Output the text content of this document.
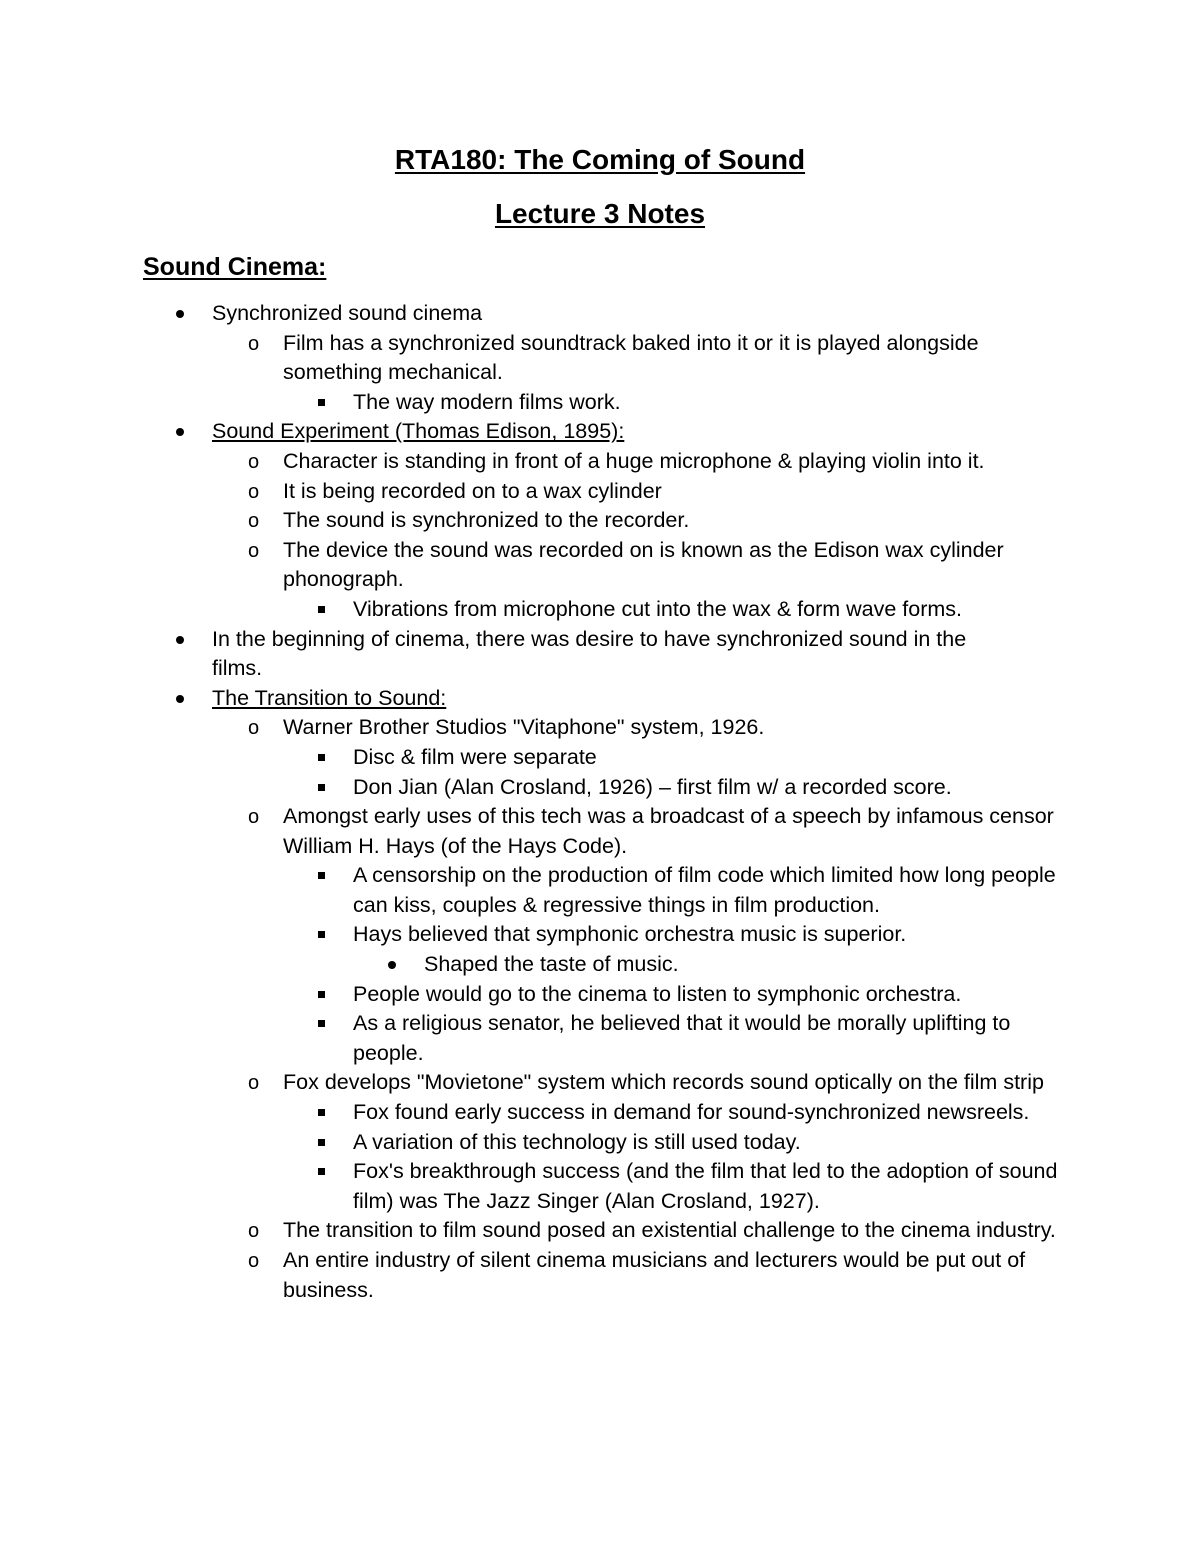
RTA180: The Coming of Sound
Lecture 3 Notes
Sound Cinema:
Synchronized sound cinema
o Film has a synchronized soundtrack baked into it or it is played alongside something mechanical.
The way modern films work.
Sound Experiment (Thomas Edison, 1895):
o Character is standing in front of a huge microphone & playing violin into it.
o It is being recorded on to a wax cylinder
o The sound is synchronized to the recorder.
o The device the sound was recorded on is known as the Edison wax cylinder phonograph.
Vibrations from microphone cut into the wax & form wave forms.
In the beginning of cinema, there was desire to have synchronized sound in the films.
The Transition to Sound:
o Warner Brother Studios "Vitaphone" system, 1926.
Disc & film were separate
Don Jian (Alan Crosland, 1926) – first film w/ a recorded score.
o Amongst early uses of this tech was a broadcast of a speech by infamous censor William H. Hays (of the Hays Code).
A censorship on the production of film code which limited how long people can kiss, couples & regressive things in film production.
Hays believed that symphonic orchestra music is superior.
Shaped the taste of music.
People would go to the cinema to listen to symphonic orchestra.
As a religious senator, he believed that it would be morally uplifting to people.
o Fox develops "Movietone" system which records sound optically on the film strip
Fox found early success in demand for sound-synchronized newsreels.
A variation of this technology is still used today.
Fox's breakthrough success (and the film that led to the adoption of sound film) was The Jazz Singer (Alan Crosland, 1927).
o The transition to film sound posed an existential challenge to the cinema industry.
o An entire industry of silent cinema musicians and lecturers would be put out of business.
